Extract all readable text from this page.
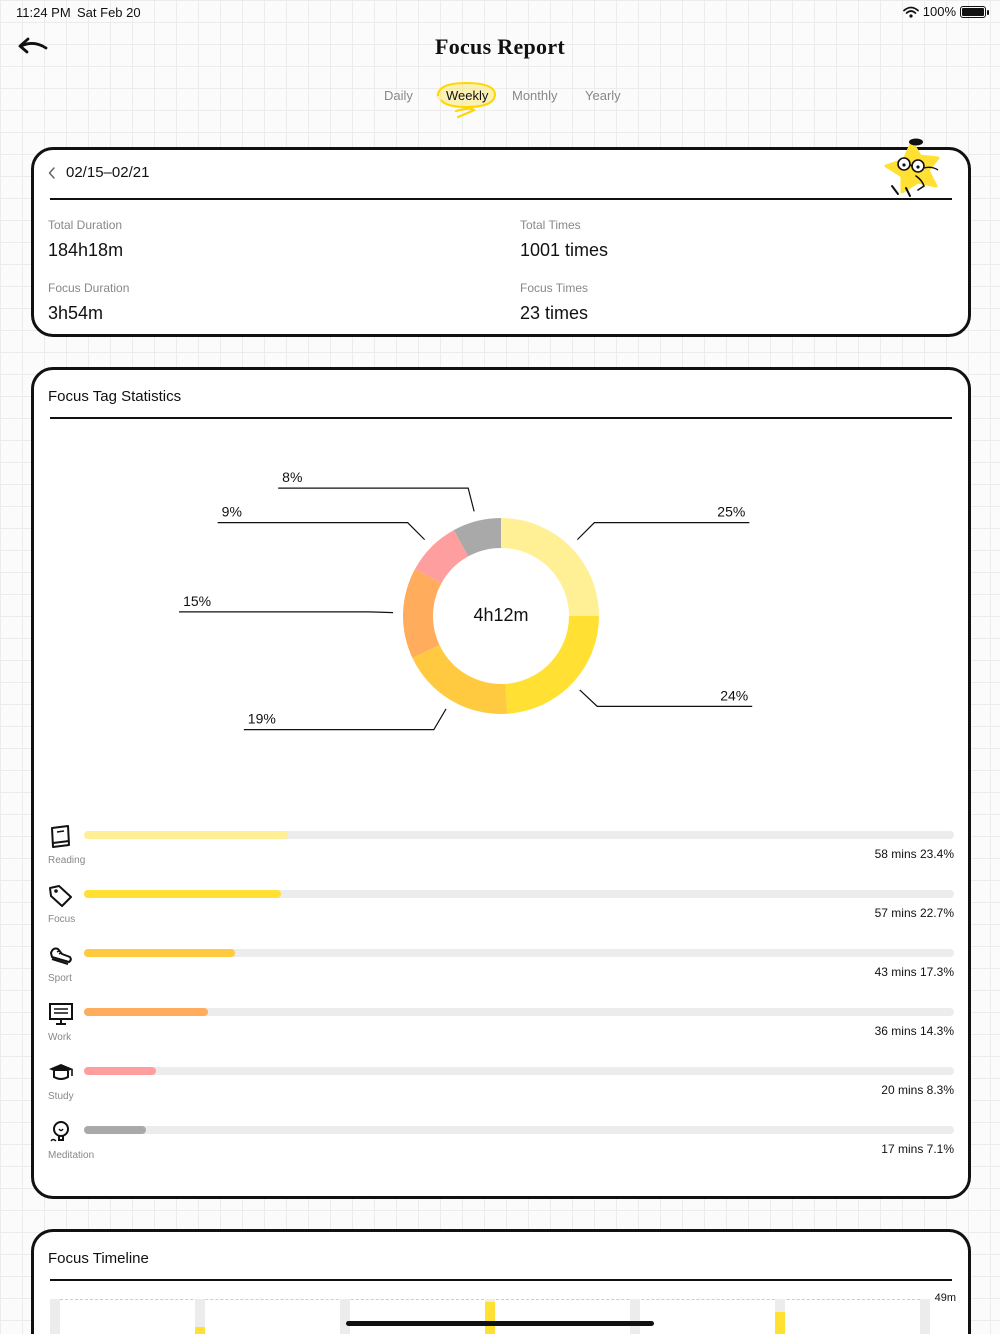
11:24 PM Sat Feb 20	100%
Focus Report
Daily	Weekly Monthly Yearly
02/15–02/21
Total Duration
184h18m
Total Times
1001 times
Focus Duration
3h54m
Focus Times
23 times
Focus Tag Statistics
25%
24%
19%
15%
9%
8%
4h12m
Reading	58 mins 23.4%
Focus	57 mins 22.7%
Sport	43 mins 17.3%
Work	36 mins 14.3%
Study	20 mins 8.3%
Meditation	17 mins 7.1%
Focus Timeline
49m
